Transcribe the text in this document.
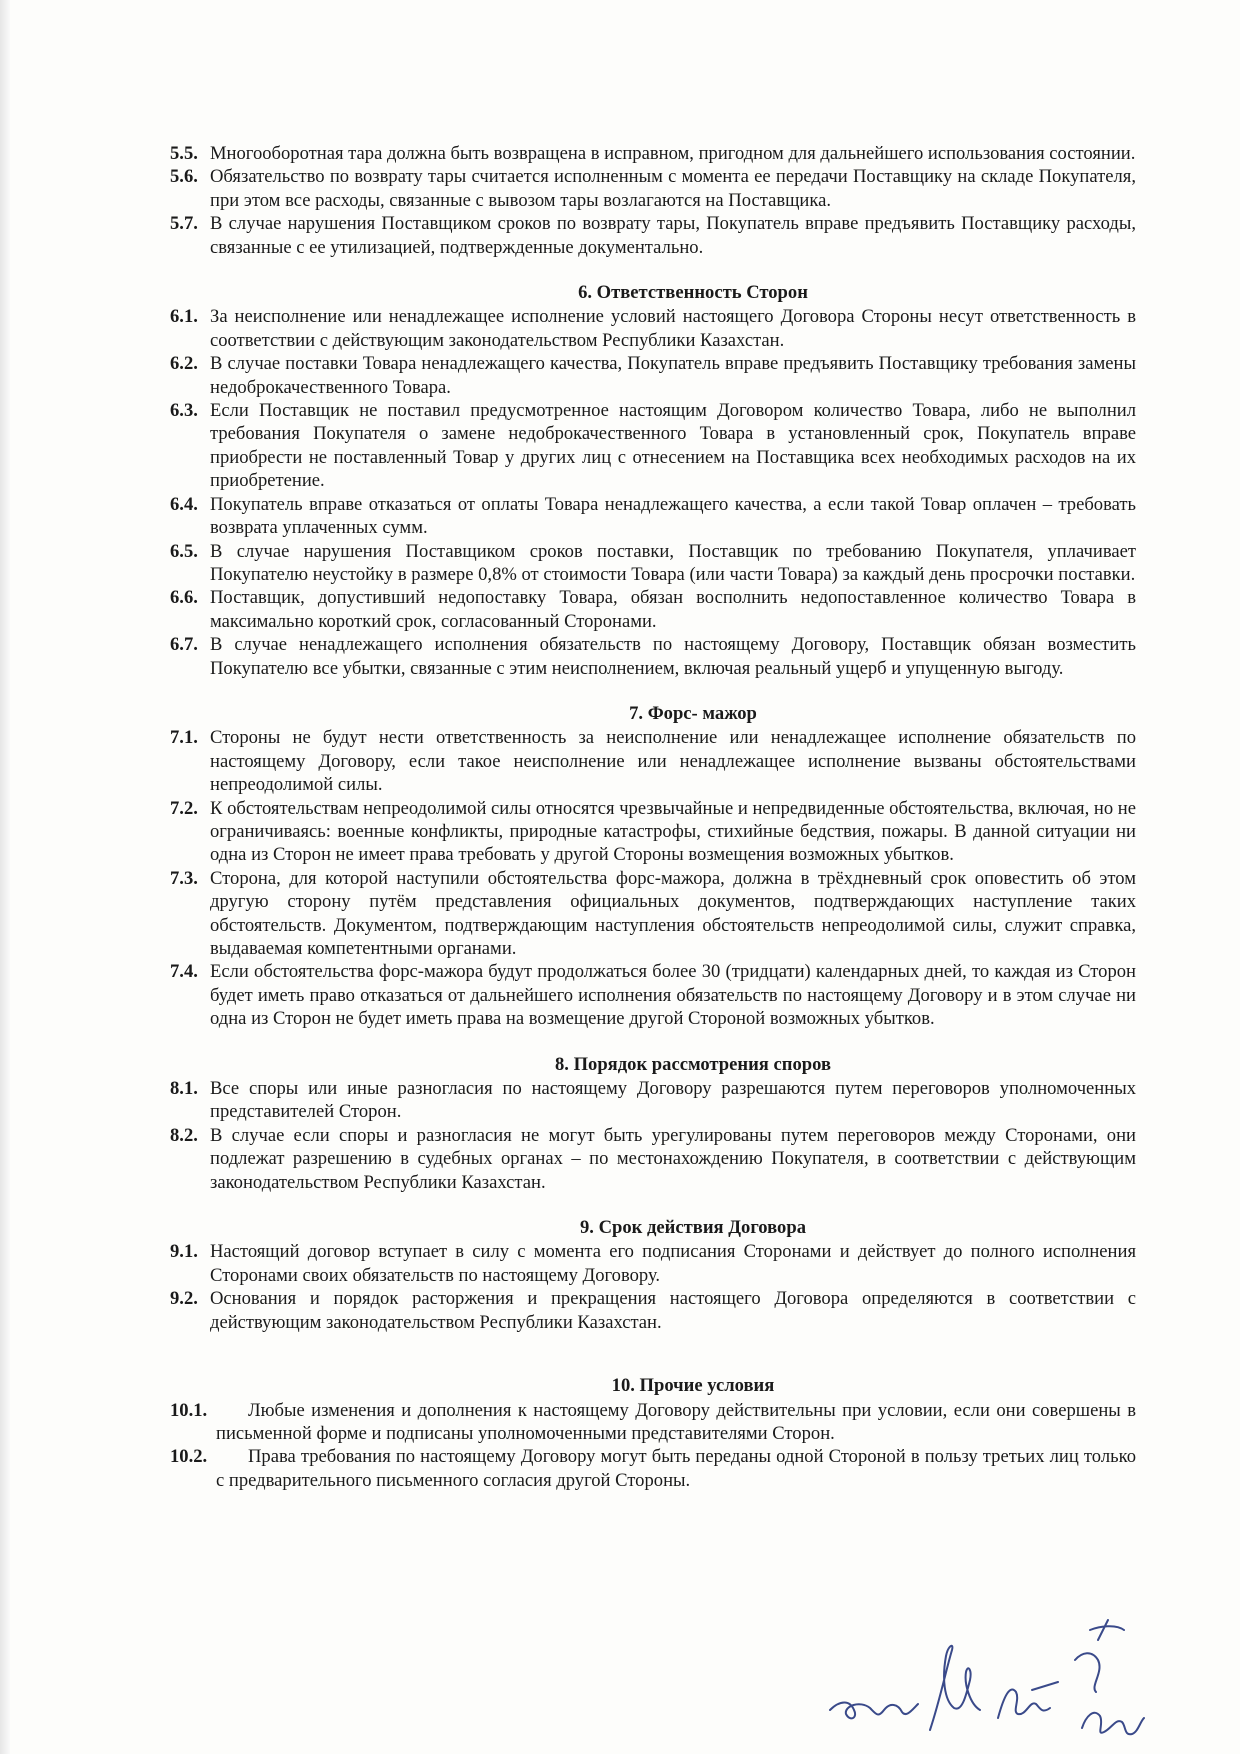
5.5. Многооборотная тара должна быть возвращена в исправном, пригодном для дальнейшего использования состоянии.

5.6. Обязательство по возврату тары считается исполненным с момента ее передачи Поставщику на складе Покупателя, при этом все расходы, связанные с вывозом тары возлагаются на Поставщика.

5.7. В случае нарушения Поставщиком сроков по возврату тары, Покупатель вправе предъявить Поставщику расходы, связанные с ее утилизацией, подтвержденные документально.

6. Ответственность Сторон

6.1. За неисполнение или ненадлежащее исполнение условий настоящего Договора Стороны несут ответственность в соответствии с действующим законодательством Республики Казахстан.

6.2. В случае поставки Товара ненадлежащего качества, Покупатель вправе предъявить Поставщику требования замены недоброкачественного Товара.

6.3. Если Поставщик не поставил предусмотренное настоящим Договором количество Товара, либо не выполнил требования Покупателя о замене недоброкачественного Товара в установленный срок, Покупатель вправе приобрести не поставленный Товар у других лиц с отнесением на Поставщика всех необходимых расходов на их приобретение.

6.4. Покупатель вправе отказаться от оплаты Товара ненадлежащего качества, а если такой Товар оплачен – требовать возврата уплаченных сумм.

6.5. В случае нарушения Поставщиком сроков поставки, Поставщик по требованию Покупателя, уплачивает Покупателю неустойку в размере 0,8% от стоимости Товара (или части Товара) за каждый день просрочки поставки.

6.6. Поставщик, допустивший недопоставку Товара, обязан восполнить недопоставленное количество Товара в максимально короткий срок, согласованный Сторонами.

6.7. В случае ненадлежащего исполнения обязательств по настоящему Договору, Поставщик обязан возместить Покупателю все убытки, связанные с этим неисполнением, включая реальный ущерб и упущенную выгоду.

7. Форс- мажор

7.1. Стороны не будут нести ответственность за неисполнение или ненадлежащее исполнение обязательств по настоящему Договору, если такое неисполнение или ненадлежащее исполнение вызваны обстоятельствами непреодолимой силы.

7.2. К обстоятельствам непреодолимой силы относятся чрезвычайные и непредвиденные обстоятельства, включая, но не ограничиваясь: военные конфликты, природные катастрофы, стихийные бедствия, пожары. В данной ситуации ни одна из Сторон не имеет права требовать у другой Стороны возмещения возможных убытков.

7.3. Сторона, для которой наступили обстоятельства форс-мажора, должна в трёхдневный срок оповестить об этом другую сторону путём представления официальных документов, подтверждающих наступление таких обстоятельств. Документом, подтверждающим наступления обстоятельств непреодолимой силы, служит справка, выдаваемая компетентными органами.

7.4. Если обстоятельства форс-мажора будут продолжаться более 30 (тридцати) календарных дней, то каждая из Сторон будет иметь право отказаться от дальнейшего исполнения обязательств по настоящему Договору и в этом случае ни одна из Сторон не будет иметь права на возмещение другой Стороной возможных убытков.

8. Порядок рассмотрения споров

8.1. Все споры или иные разногласия по настоящему Договору разрешаются путем переговоров уполномоченных представителей Сторон.

8.2. В случае если споры и разногласия не могут быть урегулированы путем переговоров между Сторонами, они подлежат разрешению в судебных органах – по местонахождению Покупателя, в соответствии с действующим законодательством Республики Казахстан.

9. Срок действия Договора

9.1. Настоящий договор вступает в силу с момента его подписания Сторонами и действует до полного исполнения Сторонами своих обязательств по настоящему Договору.

9.2. Основания и порядок расторжения и прекращения настоящего Договора определяются в соответствии с действующим законодательством Республики Казахстан.

10. Прочие условия

10.1.	Любые изменения и дополнения к настоящему Договору действительны при условии, если они совершены в письменной форме и подписаны уполномоченными представителями Сторон.

10.2.	Права требования по настоящему Договору могут быть переданы одной Стороной в пользу третьих лиц только с предварительного письменного согласия другой Стороны.
